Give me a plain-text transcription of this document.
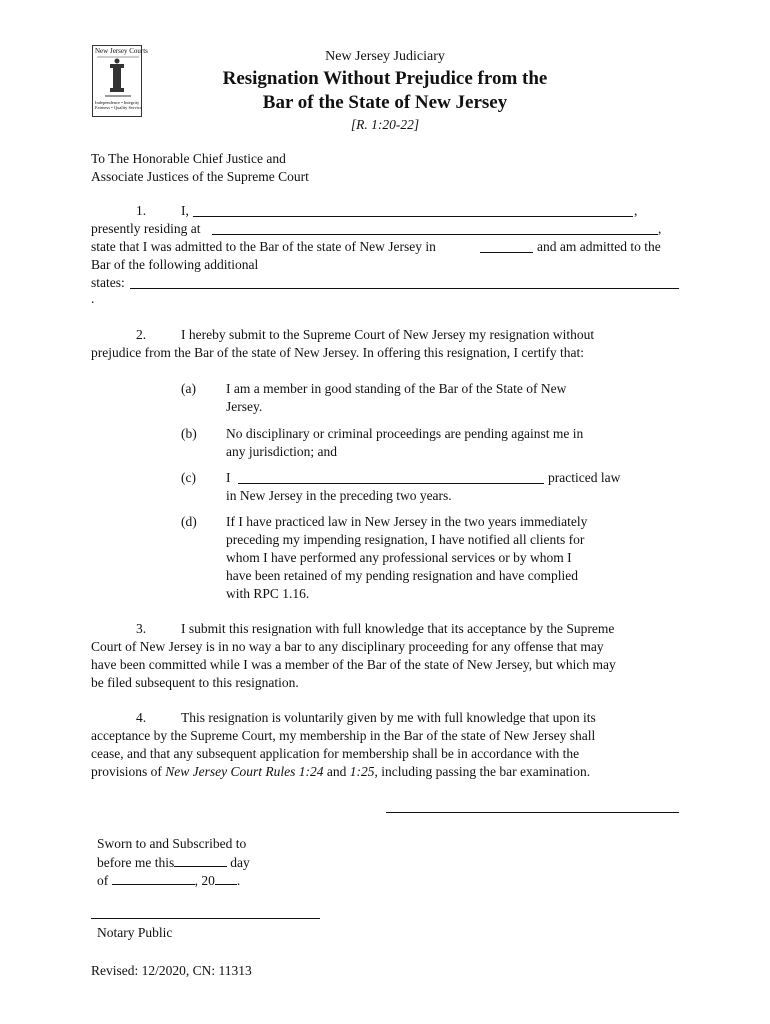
New Jersey Courts
Independence • Integrity
Fairness • Quality Service
New Jersey Judiciary
Resignation Without Prejudice from the
Bar of the State of New Jersey
[R. 1:20-22]
To The Honorable Chief Justice and
Associate Justices of the Supreme Court
1.	I,	,
presently residing at	,
state that I was admitted to the Bar of the state of New Jersey in	and am admitted to the
Bar of the following additional
states:
.
2.	I hereby submit to the Supreme Court of New Jersey my resignation without
prejudice from the Bar of the state of New Jersey. In offering this resignation, I certify that:
(a) I am a member in good standing of the Bar of the State of New
Jersey.
(b) No disciplinary or criminal proceedings are pending against me in
any jurisdiction; and
(c) I	practiced law
in New Jersey in the preceding two years.
(d) If I have practiced law in New Jersey in the two years immediately
preceding my impending resignation, I have notified all clients for
whom I have performed any professional services or by whom I
have been retained of my pending resignation and have complied
with RPC 1.16.
3.	I submit this resignation with full knowledge that its acceptance by the Supreme
Court of New Jersey is in no way a bar to any disciplinary proceeding for any offense that may
have been committed while I was a member of the Bar of the state of New Jersey, but which may
be filed subsequent to this resignation.
4.	This resignation is voluntarily given by me with full knowledge that upon its
acceptance by the Supreme Court, my membership in the Bar of the state of New Jersey shall
cease, and that any subsequent application for membership shall be in accordance with the
provisions of New Jersey Court Rules 1:24 and 1:25, including passing the bar examination.
Sworn to and Subscribed to
before me this	day
of	, 20 .
Notary Public
Revised: 12/2020, CN: 11313
